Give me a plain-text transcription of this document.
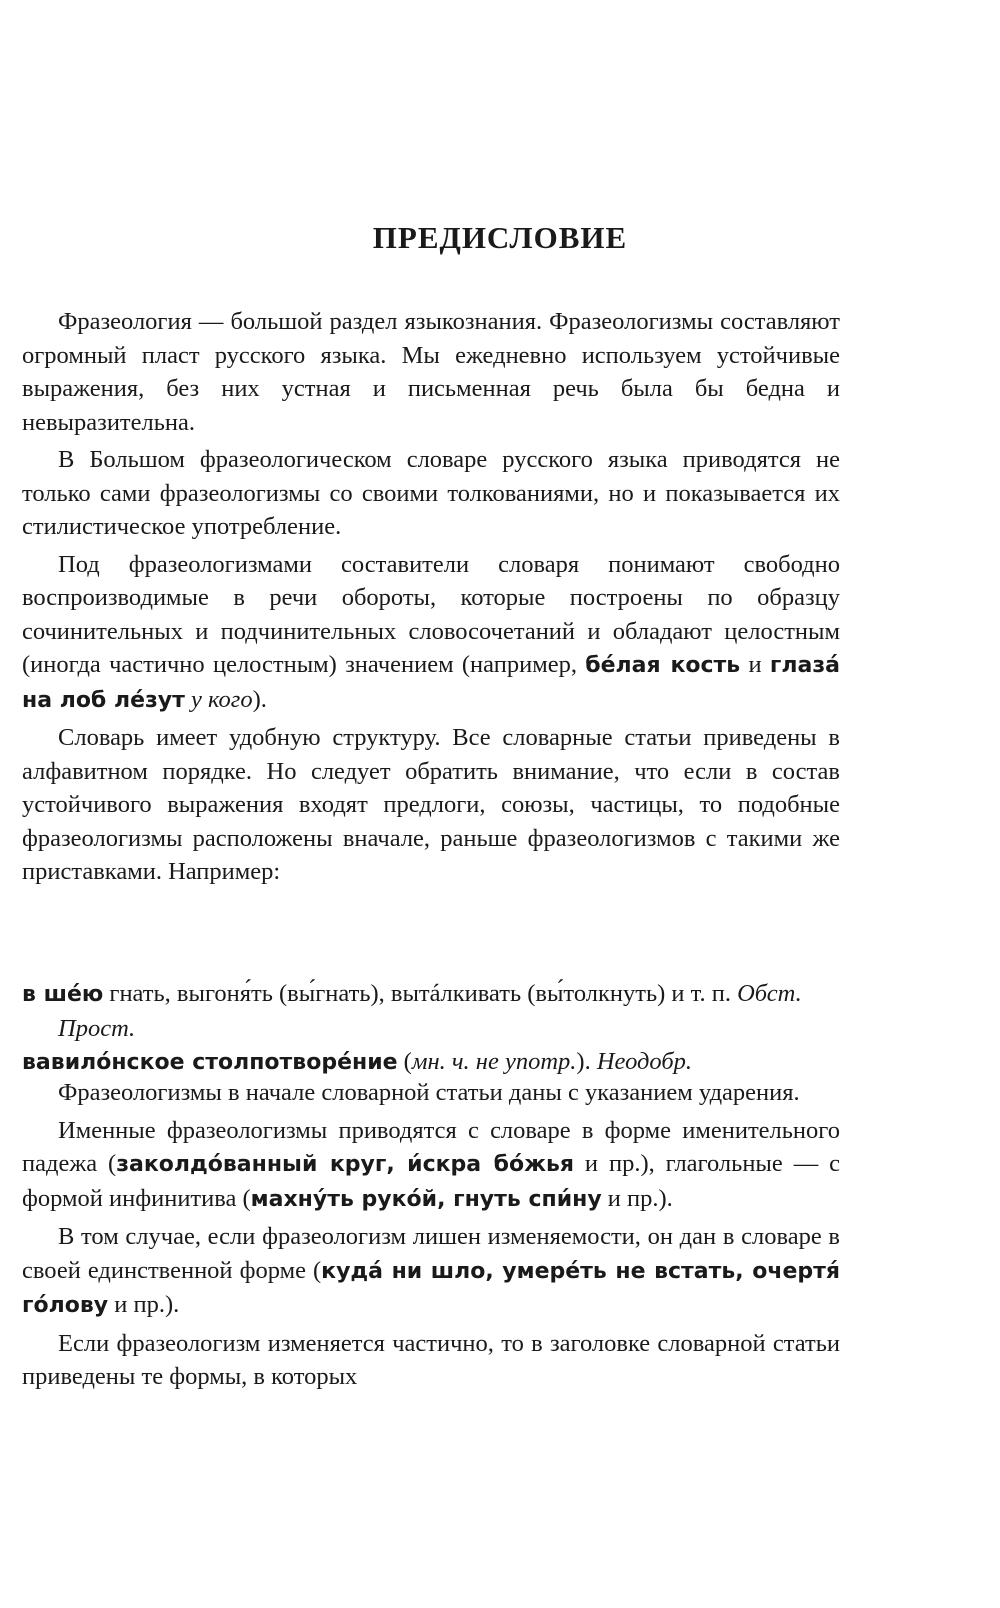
ПРЕДИСЛОВИЕ

Фразеология — большой раздел языкознания. Фразеологизмы составляют огромный пласт русского языка. Мы ежедневно используем устойчивые выражения, без них устная и письменная речь была бы бедна и невыразительна.

В Большом фразеологическом словаре русского языка приводятся не только сами фразеологизмы со своими толкованиями, но и показывается их стилистическое употребление.

Под фразеологизмами составители словаря понимают свободно воспроизводимые в речи обороты, которые построены по образцу сочинительных и подчинительных словосочетаний и обладают целостным (иногда частично целостным) значением (например, бéлая кость и глазá на лоб лéзут у кого).

Словарь имеет удобную структуру. Все словарные статьи приведены в алфавитном порядке. Но следует обратить внимание, что если в состав устойчивого выражения входят предлоги, союзы, частицы, то подобные фразеологизмы расположены вначале, раньше фразеологизмов с такими же приставками. Например:

в шéю гнать, выгоня́ть (вы́гнать), вытáлкивать (вы́толкнуть) и т. п. Обст. Прост.

вавилóнское столпотворéние (мн. ч. не употр.). Неодобр.

Фразеологизмы в начале словарной статьи даны с указанием ударения.

Именные фразеологизмы приводятся с словаре в форме именительного падежа (заколдóванный круг, и́скра бóжья и пр.), глагольные — с формой инфинитива (махну́ть рукóй, гнуть спи́ну и пр.).

В том случае, если фразеологизм лишен изменяемости, он дан в словаре в своей единственной форме (кудá ни шло, умерéть не встать, очертя́ гóлову и пр.).

Если фразеологизм изменяется частично, то в заголовке словарной статьи приведены те формы, в которых
